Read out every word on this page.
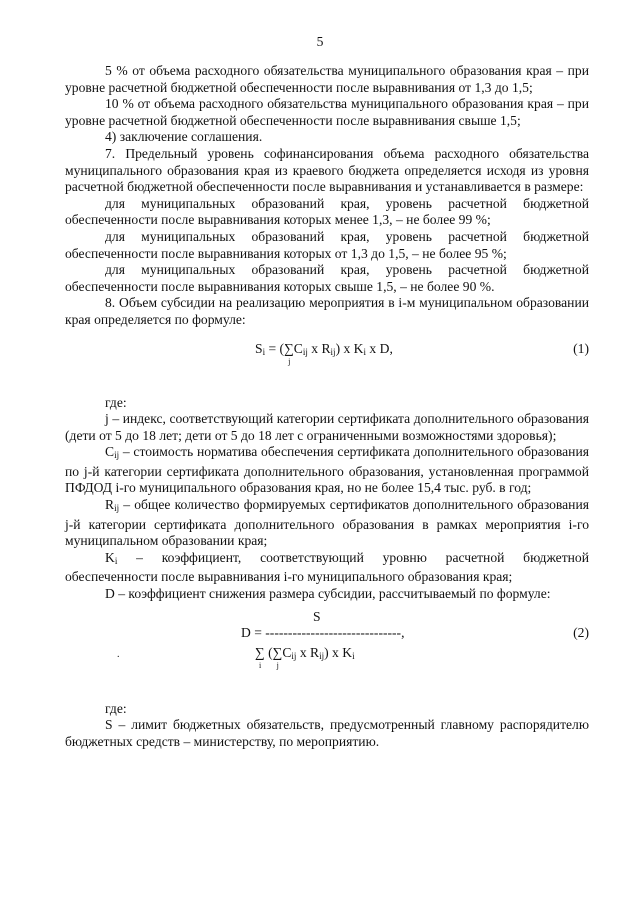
5

5 % от объема расходного обязательства муниципального образования края – при уровне расчетной бюджетной обеспеченности после выравнивания от 1,3 до 1,5;

10 % от объема расходного обязательства муниципального образования края – при уровне расчетной бюджетной обеспеченности после выравнивания свыше 1,5;

4) заключение соглашения.

7. Предельный уровень софинансирования объема расходного обязательства муниципального образования края из краевого бюджета определяется исходя из уровня расчетной бюджетной обеспеченности после выравнивания и устанавливается в размере:

для муниципальных образований края, уровень расчетной бюджетной обеспеченности после выравнивания которых менее 1,3, – не более 99 %;

для муниципальных образований края, уровень расчетной бюджетной обеспеченности после выравнивания которых от 1,3 до 1,5, – не более 95 %;

для муниципальных образований края, уровень расчетной бюджетной обеспеченности после выравнивания которых свыше 1,5, – не более 90 %.

8. Объем субсидии на реализацию мероприятия в i-м муниципальном образовании края определяется по формуле:

$S_i$ = (∑
j
$C_{ij}$ x $R_{ij}$) x $K_i$ x D,	(1)

где:

j – индекс, соответствующий категории сертификата дополнительного образования (дети от 5 до 18 лет; дети от 5 до 18 лет с ограниченными возможностями здоровья);

$C_{ij}$ – стоимость норматива обеспечения сертификата дополнительного образования по j-й категории сертификата дополнительного образования, установленная программой ПФДОД i-го муниципального образования края, но не более 15,4 тыс. руб. в год;

$R_{ij}$ – общее количество формируемых сертификатов дополнительного образования j-й категории сертификата дополнительного образования в рамках мероприятия i-го муниципальном образовании края;

$K_i$ – коэффициент, соответствующий уровню расчетной бюджетной обеспеченности после выравнивания i-го муниципального образования края;

D – коэффициент снижения размера субсидии, рассчитываемый по формуле:

S
D = ------------------------------,
∑
i
(∑
j
$C_{ij}$ x $R_{ij}$) x $K_i$
(2)
.

где:

S – лимит бюджетных обязательств, предусмотренный главному распорядителю бюджетных средств – министерству, по мероприятию.
